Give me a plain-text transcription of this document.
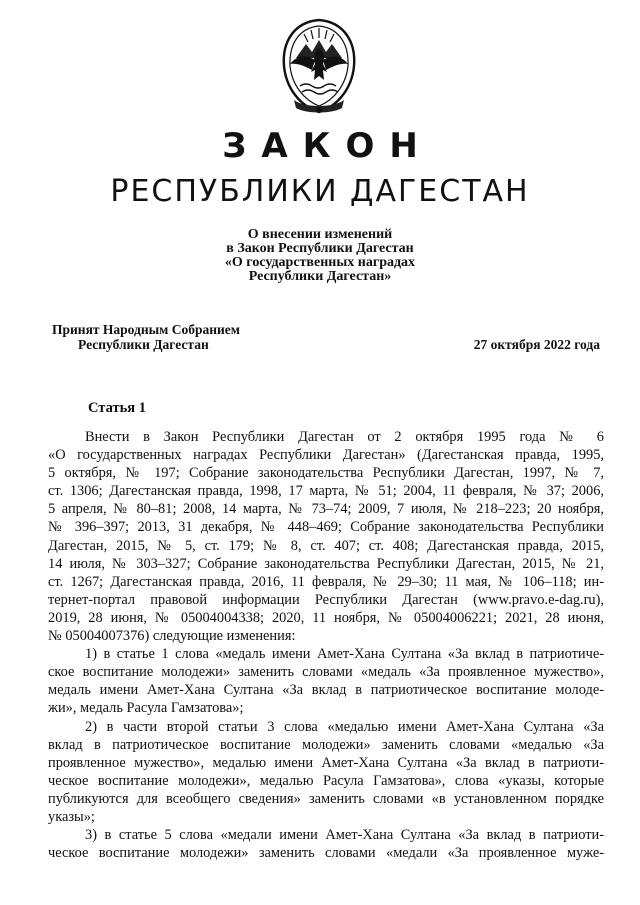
ЗАКОН
РЕСПУБЛИКИ ДАГЕСТАН
О внесении изменений
в Закон Республики Дагестан
«О государственных наградах
Республики Дагестан»
Принят Народным Собранием
Республики Дагестан	27 октября 2022 года
Статья 1
Внести в Закон Республики Дагестан от 2 октября 1995 года № 6
«О государственных наградах Республики Дагестан» (Дагестанская правда, 1995,
5 октября, № 197; Собрание законодательства Республики Дагестан, 1997, № 7,
ст. 1306; Дагестанская правда, 1998, 17 марта, № 51; 2004, 11 февраля, № 37; 2006,
5 апреля, № 80–81; 2008, 14 марта, № 73–74; 2009, 7 июля, № 218–223; 20 ноября,
№ 396–397; 2013, 31 декабря, № 448–469; Собрание законодательства Республики
Дагестан, 2015, № 5, ст. 179; № 8, ст. 407; ст. 408; Дагестанская правда, 2015,
14 июля, № 303–327; Собрание законодательства Республики Дагестан, 2015, № 21,
ст. 1267; Дагестанская правда, 2016, 11 февраля, № 29–30; 11 мая, № 106–118; ин-
тернет-портал правовой информации Республики Дагестан (www.pravo.e-dag.ru),
2019, 28 июня, № 05004004338; 2020, 11 ноября, № 05004006221; 2021, 28 июня,
№ 05004007376) следующие изменения:
1) в статье 1 слова «медаль имени Амет-Хана Султана «За вклад в патриотиче-
ское воспитание молодежи» заменить словами «медаль «За проявленное мужество»,
медаль имени Амет-Хана Султана «За вклад в патриотическое воспитание молоде-
жи», медаль Расула Гамзатова»;
2) в части второй статьи 3 слова «медалью имени Амет-Хана Султана «За
вклад в патриотическое воспитание молодежи» заменить словами «медалью «За
проявленное мужество», медалью имени Амет-Хана Султана «За вклад в патриоти-
ческое воспитание молодежи», медалью Расула Гамзатова», слова «указы, которые
публикуются для всеобщего сведения» заменить словами «в установленном порядке
указы»;
3) в статье 5 слова «медали имени Амет-Хана Султана «За вклад в патриоти-
ческое воспитание молодежи» заменить словами «медали «За проявленное муже-
